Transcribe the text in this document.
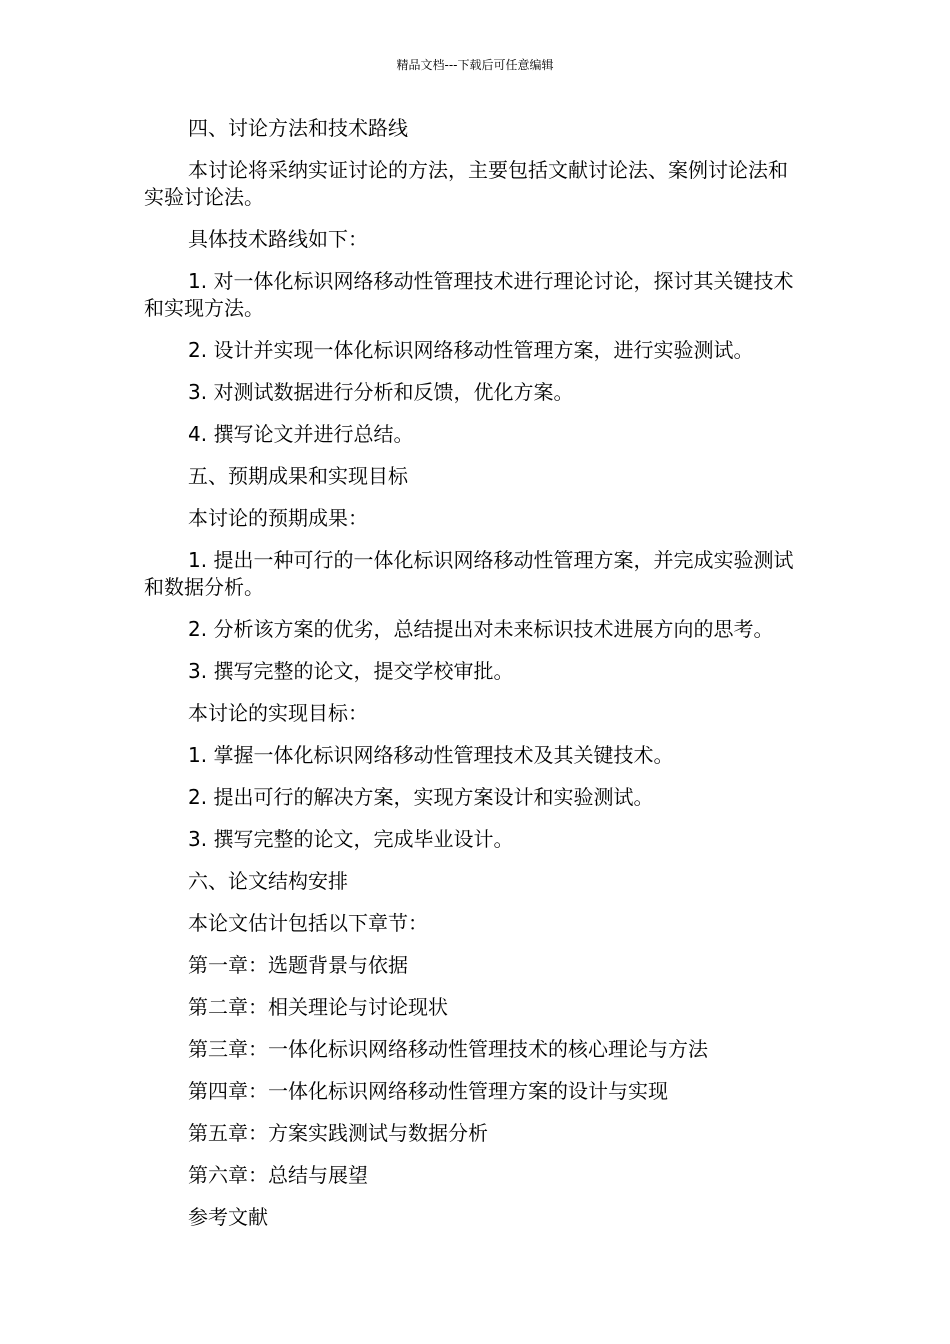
精品文档---下载后可任意编辑

四、讨论方法和技术路线

本讨论将采纳实证讨论的方法，主要包括文献讨论法、案例讨论法和实验讨论法。

具体技术路线如下：

1. 对一体化标识网络移动性管理技术进行理论讨论，探讨其关键技术和实现方法。

2. 设计并实现一体化标识网络移动性管理方案，进行实验测试。

3. 对测试数据进行分析和反馈，优化方案。

4. 撰写论文并进行总结。

五、预期成果和实现目标

本讨论的预期成果：

1. 提出一种可行的一体化标识网络移动性管理方案，并完成实验测试和数据分析。

2. 分析该方案的优劣，总结提出对未来标识技术进展方向的思考。

3. 撰写完整的论文，提交学校审批。

本讨论的实现目标：

1. 掌握一体化标识网络移动性管理技术及其关键技术。

2. 提出可行的解决方案，实现方案设计和实验测试。

3. 撰写完整的论文，完成毕业设计。

六、论文结构安排

本论文估计包括以下章节：

第一章：选题背景与依据

第二章：相关理论与讨论现状

第三章：一体化标识网络移动性管理技术的核心理论与方法

第四章：一体化标识网络移动性管理方案的设计与实现

第五章：方案实践测试与数据分析

第六章：总结与展望

参考文献
